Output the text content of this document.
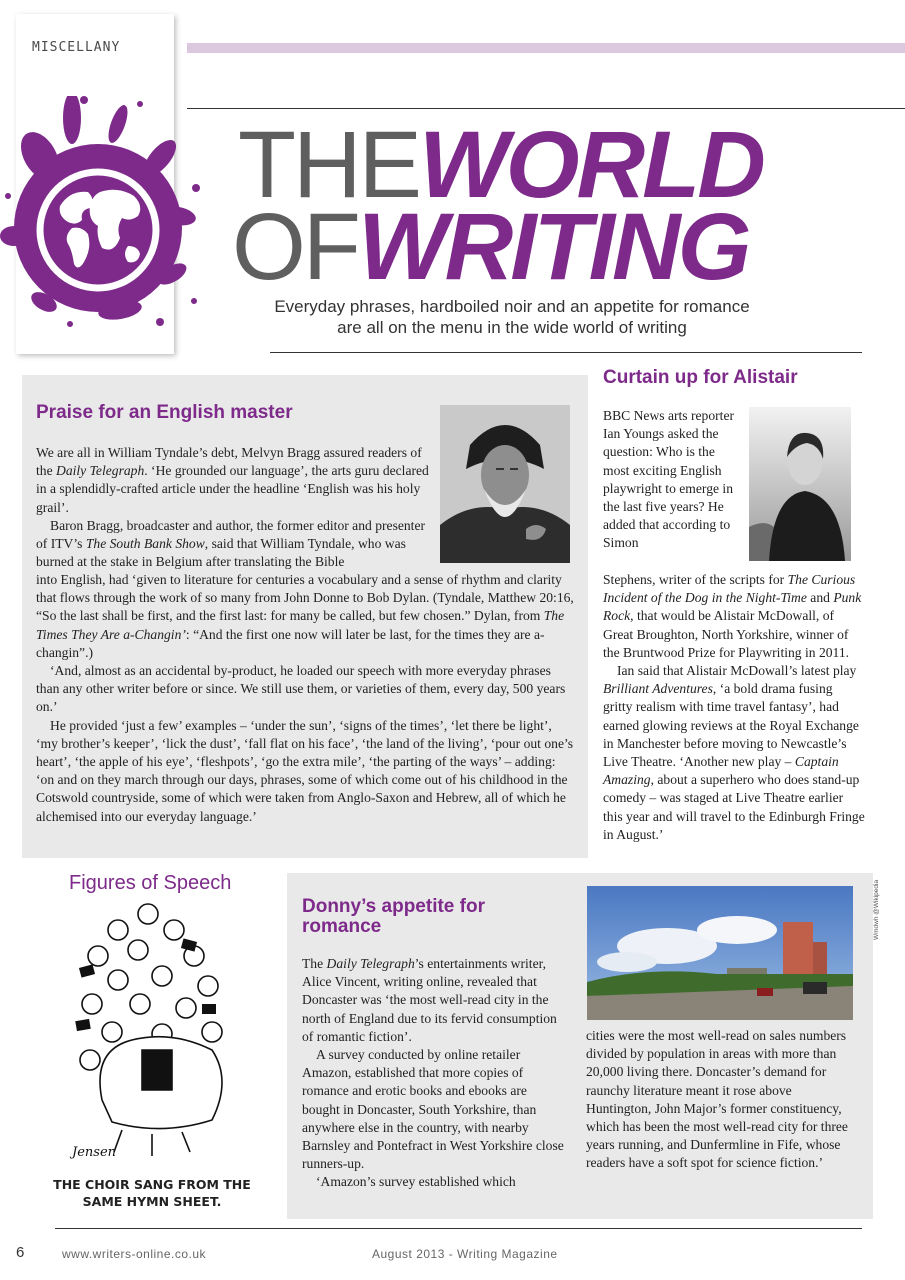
MISCELLANY
THEWORLD
OFWRITING
Everyday phrases, hardboiled noir and an appetite for romance are all on the menu in the wide world of writing
Praise for an English master

We are all in William Tyndale’s debt, Melvyn Bragg assured readers of the Daily Telegraph. ‘He grounded our language’, the arts guru declared in a splendidly-crafted article under the headline ‘English was his holy grail’.

Baron Bragg, broadcaster and author, the former editor and presenter of ITV’s The South Bank Show, said that William Tyndale, who was burned at the stake in Belgium after translating the Bible

into English, had ‘given to literature for centuries a vocabulary and a sense of rhythm and clarity that flows through the work of so many from John Donne to Bob Dylan. (Tyndale, Matthew 20:16, “So the last shall be first, and the first last: for many be called, but few chosen.” Dylan, from The Times They Are a-Changin’: “And the first one now will later be last, for the times they are a-changin”.)

‘And, almost as an accidental by-product, he loaded our speech with more everyday phrases than any other writer before or since. We still use them, or varieties of them, every day, 500 years on.’

He provided ‘just a few’ examples – ‘under the sun’, ‘signs of the times’, ‘let there be light’, ‘my brother’s keeper’, ‘lick the dust’, ‘fall flat on his face’, ‘the land of the living’, ‘pour out one’s heart’, ‘the apple of his eye’, ‘fleshpots’, ‘go the extra mile’, ‘the parting of the ways’ – adding: ‘on and on they march through our days, phrases, some of which come out of his childhood in the Cotswold countryside, some of which were taken from Anglo-Saxon and Hebrew, all of which he alchemised into our everyday language.’

Curtain up for Alistair

BBC News arts reporter Ian Youngs asked the question: Who is the most exciting English playwright to emerge in the last five years? He added that according to Simon

Stephens, writer of the scripts for The Curious Incident of the Dog in the Night-Time and Punk Rock, that would be Alistair McDowall, of Great Broughton, North Yorkshire, winner of the Bruntwood Prize for Playwriting in 2011.

Ian said that Alistair McDowall’s latest play Brilliant Adventures, ‘a bold drama fusing gritty realism with time travel fantasy’, had earned glowing reviews at the Royal Exchange in Manchester before moving to Newcastle’s Live Theatre. ‘Another new play – Captain Amazing, about a superhero who does stand-up comedy – was staged at Live Theatre earlier this year and will travel to the Edinburgh Fringe in August.’

Figures of Speech
Jensen
THE CHOIR SANG FROM THE SAME HYMN SHEET.
Donny’s appetite for romance

The Daily Telegraph’s entertainments writer, Alice Vincent, writing online, revealed that Doncaster was ‘the most well-read city in the north of England due to its fervid consumption of romantic fiction’.

A survey conducted by online retailer Amazon, established that more copies of romance and erotic books and ebooks are bought in Doncaster, South Yorkshire, than anywhere else in the country, with nearby Barnsley and Pontefract in West Yorkshire close runners-up.

‘Amazon’s survey established which

cities were the most well-read on sales numbers divided by population in areas with more than 20,000 living there. Doncaster’s demand for raunchy literature meant it rose above Huntington, John Major’s former constituency, which has been the most well-read city for three years running, and Dunfermline in Fife, whose readers have a soft spot for science fiction.’

Wmdwh @Wikipedia
6	www.writers-online.co.uk	August 2013 - Writing Magazine
